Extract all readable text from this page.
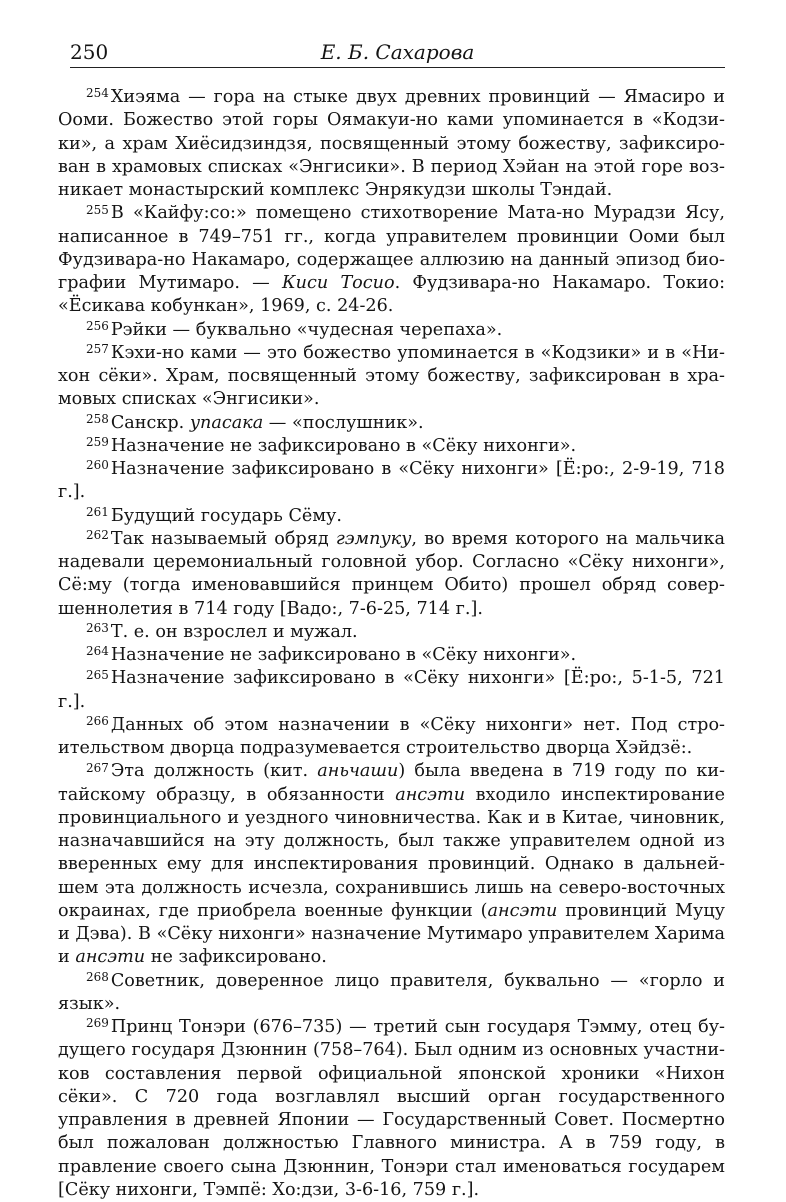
250	Е. Б. Сахарова

$^{254}$ Хиэяма — гора на стыке двух древних провинций — Ямасиро и Ооми. Божество этой горы Оямакуи-но ками упоминается в «Кодзики», а храм Хиёсидзиндзя, посвященный этому божеству, зафиксирован в храмовых списках «Энгисики». В период Хэйан на этой горе возникает монастырский комплекс Энрякудзи школы Тэндай.

$^{255}$ В «Кайфу:со:» помещено стихотворение Мата-но Мурадзи Ясу, написанное в 749–751 гг., когда управителем провинции Ооми был Фудзивара-но Накамаро, содержащее аллюзию на данный эпизод биографии Мутимаро. — Киси Тосио. Фудзивара-но Накамаро. Токио: «Ёсикава кобункан», 1969, с. 24-26.

$^{256}$ Рэйки — буквально «чудесная черепаха».

$^{257}$ Кэхи-но ками — это божество упоминается в «Кодзики» и в «Нихон сёки». Храм, посвященный этому божеству, зафиксирован в храмовых списках «Энгисики».

$^{258}$ Санскр. упасака — «послушник».

$^{259}$ Назначение не зафиксировано в «Сёку нихонги».

$^{260}$ Назначение зафиксировано в «Сёку нихонги» [Ё:ро:, 2-9-19, 718 г.].

$^{261}$ Будущий государь Сёму.

$^{262}$ Так называемый обряд гэмпуку, во время которого на мальчика надевали церемониальный головной убор. Согласно «Сёку нихонги», Сё:му (тогда именовавшийся принцем Обито) прошел обряд совершеннолетия в 714 году [Вадо:, 7-6-25, 714 г.].

$^{263}$ Т. е. он взрослел и мужал.

$^{264}$ Назначение не зафиксировано в «Сёку нихонги».

$^{265}$ Назначение зафиксировано в «Сёку нихонги» [Ё:ро:, 5-1-5, 721 г.].

$^{266}$ Данных об этом назначении в «Сёку нихонги» нет. Под строительством дворца подразумевается строительство дворца Хэйдзё:.

$^{267}$ Эта должность (кит. аньчаши) была введена в 719 году по китайскому образцу, в обязанности ансэти входило инспектирование провинциального и уездного чиновничества. Как и в Китае, чиновник, назначавшийся на эту должность, был также управителем одной из вверенных ему для инспектирования провинций. Однако в дальнейшем эта должность исчезла, сохранившись лишь на северо-восточных окраинах, где приобрела военные функции (ансэти провинций Муцу и Дэва). В «Сёку нихонги» назначение Мутимаро управителем Харима и ансэти не зафиксировано.

$^{268}$ Советник, доверенное лицо правителя, буквально — «горло и язык».

$^{269}$ Принц Тонэри (676–735) — третий сын государя Тэмму, отец будущего государя Дзюннин (758–764). Был одним из основных участников составления первой официальной японской хроники «Нихон сёки». С 720 года возглавлял высший орган государственного управления в древней Японии — Государственный Совет. Посмертно был пожалован должностью Главного министра. А в 759 году, в правление своего сына Дзюннин, Тонэри стал именоваться государем [Сёку нихонги, Тэмпё: Хо:дзи, 3-6-16, 759 г.].
